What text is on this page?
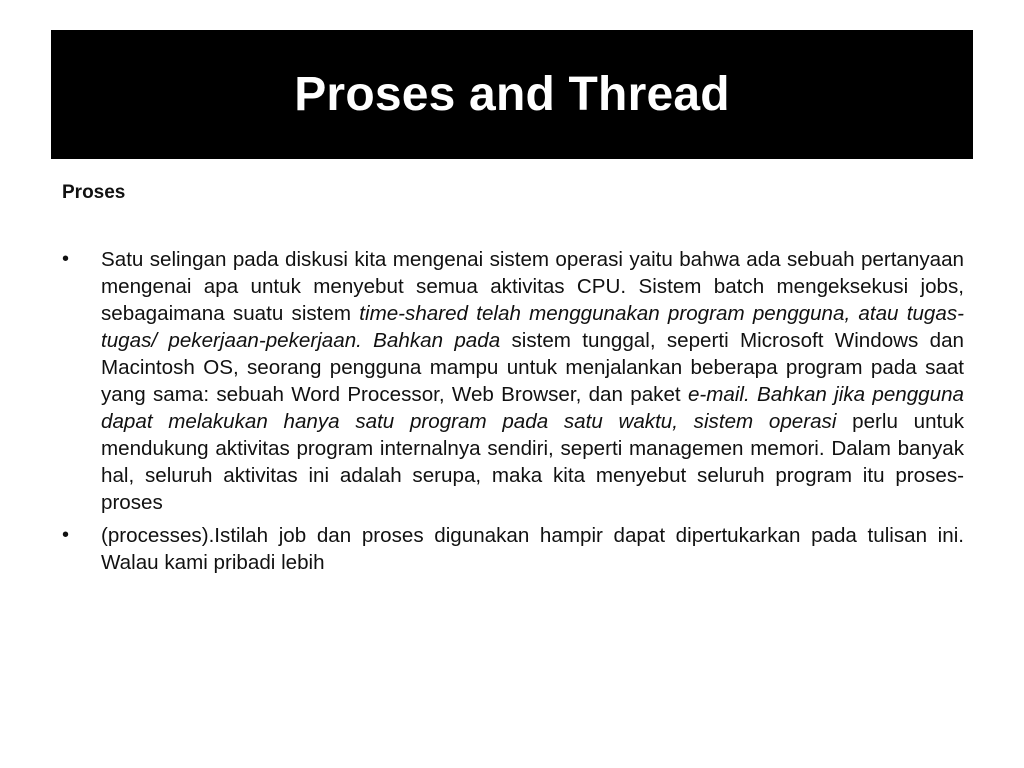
Proses and Thread

Proses

•	Satu selingan pada diskusi kita mengenai sistem operasi yaitu bahwa ada sebuah pertanyaan mengenai apa untuk menyebut semua aktivitas CPU. Sistem batch mengeksekusi jobs, sebagaimana suatu sistem time-shared telah menggunakan program pengguna, atau tugas-tugas/ pekerjaan-pekerjaan. Bahkan pada sistem tunggal, seperti Microsoft Windows dan Macintosh OS, seorang pengguna mampu untuk menjalankan beberapa program pada saat yang sama: sebuah Word Processor, Web Browser, dan paket e-mail. Bahkan jika pengguna dapat melakukan hanya satu program pada satu waktu, sistem operasi perlu untuk mendukung aktivitas program internalnya sendiri, seperti managemen memori. Dalam banyak hal, seluruh aktivitas ini adalah serupa, maka kita menyebut seluruh program itu proses-proses
•	(processes).Istilah job dan proses digunakan hampir dapat dipertukarkan pada tulisan ini. Walau kami pribadi lebih
